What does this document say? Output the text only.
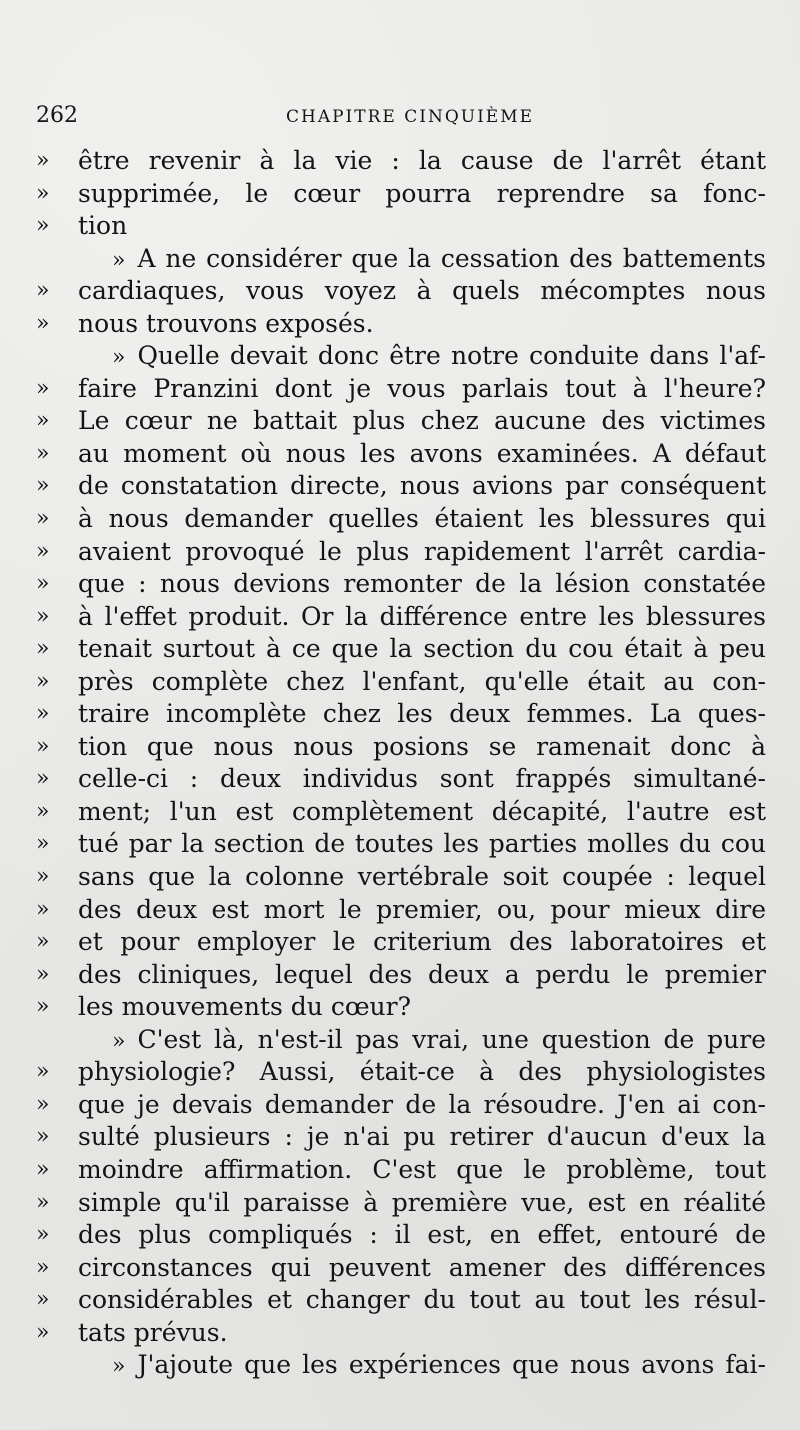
262	CHAPITRE CINQUIÈME
»	être revenir à la vie : la cause de l'arrêt étant
»	supprimée, le cœur pourra reprendre sa fonc-
»	tion
» A ne considérer que la cessation des battements
»	cardiaques, vous voyez à quels mécomptes nous
»	nous trouvons exposés.
» Quelle devait donc être notre conduite dans l'af-
»	faire Pranzini dont je vous parlais tout à l'heure?
»	Le cœur ne battait plus chez aucune des victimes
»	au moment où nous les avons examinées. A défaut
»	de constatation directe, nous avions par conséquent
»	à nous demander quelles étaient les blessures qui
»	avaient provoqué le plus rapidement l'arrêt cardia-
»	que : nous devions remonter de la lésion constatée
»	à l'effet produit. Or la différence entre les blessures
»	tenait surtout à ce que la section du cou était à peu
»	près complète chez l'enfant, qu'elle était au con-
»	traire incomplète chez les deux femmes. La ques-
»	tion que nous nous posions se ramenait donc à
»	celle-ci : deux individus sont frappés simultané-
»	ment; l'un est complètement décapité, l'autre est
»	tué par la section de toutes les parties molles du cou
»	sans que la colonne vertébrale soit coupée : lequel
»	des deux est mort le premier, ou, pour mieux dire
»	et pour employer le criterium des laboratoires et
»	des cliniques, lequel des deux a perdu le premier
»	les mouvements du cœur?
» C'est là, n'est-il pas vrai, une question de pure
»	physiologie? Aussi, était-ce à des physiologistes
»	que je devais demander de la résoudre. J'en ai con-
»	sulté plusieurs : je n'ai pu retirer d'aucun d'eux la
»	moindre affirmation. C'est que le problème, tout
»	simple qu'il paraisse à première vue, est en réalité
»	des plus compliqués : il est, en effet, entouré de
»	circonstances qui peuvent amener des différences
»	considérables et changer du tout au tout les résul-
»	tats prévus.
» J'ajoute que les expériences que nous avons fai-
